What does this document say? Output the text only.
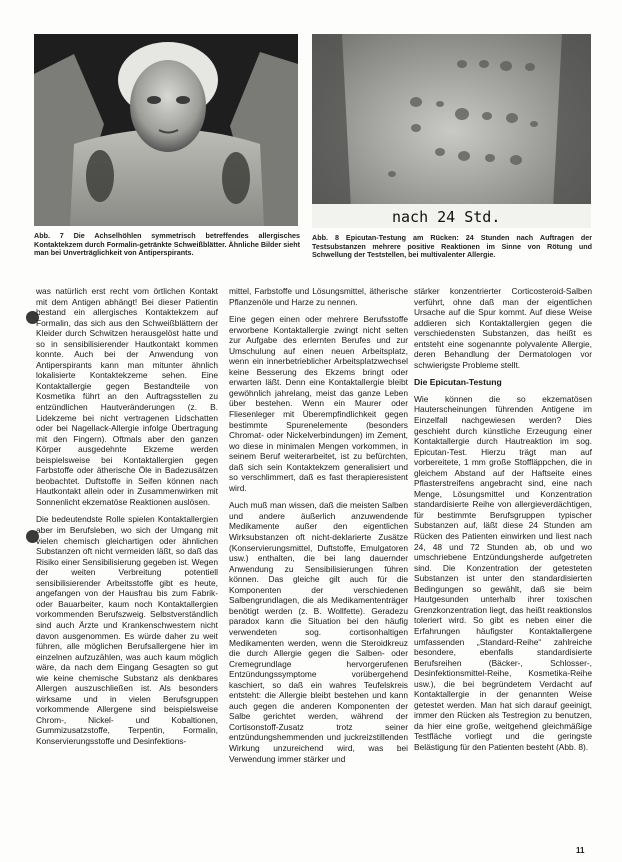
nach 24 Std.
Abb. 7 Die Achselhöhlen symmetrisch betreffendes allergisches Kontaktekzem durch Formalin-getränkte Schweißblätter. Ähnliche Bilder sieht man bei Unverträglichkeit von Antiperspirants.
Abb. 8 Epicutan-Testung am Rücken: 24 Stunden nach Auftragen der Testsubstanzen mehrere positive Reaktionen im Sinne von Rötung und Schwellung der Teststellen, bei multivalenter Allergie.

was natürlich erst recht vom örtlichen Kontakt mit dem Antigen abhängt! Bei dieser Patientin bestand ein allergisches Kontaktekzem auf Formalin, das sich aus den Schweißblättern der Kleider durch Schwitzen herausgelöst hatte und so in sensibilisierender Hautkontakt kommen konnte. Auch bei der Anwendung von Antiperspirants kann man mitunter ähnlich lokalisierte Kontaktekzeme sehen. Eine Kontaktallergie gegen Bestandteile von Kosmetika führt an den Auftragsstellen zu entzündlichen Hautveränderungen (z. B. Lidekzeme bei nicht vertragenen Lidschatten oder bei Nagellack-Allergie infolge Übertragung mit den Fingern). Oftmals aber den ganzen Körper ausgedehnte Ekzeme werden beispielsweise bei Kontaktallergien gegen Farbstoffe oder ätherische Öle in Badezusätzen beobachtet. Duftstoffe in Seifen können nach Hautkontakt allein oder in Zusammenwirken mit Sonnenlicht ekzematöse Reaktionen auslösen.

Die bedeutendste Rolle spielen Kontaktallergien aber im Berufsleben, wo sich der Umgang mit vielen chemisch gleichartigen oder ähnlichen Substanzen oft nicht vermeiden läßt, so daß das Risiko einer Sensibilisierung gegeben ist. Wegen der weiten Verbreitung potentiell sensibilisierender Arbeitsstoffe gibt es heute, angefangen von der Hausfrau bis zum Fabrik- oder Bauarbeiter, kaum noch Kontaktallergien vorkommenden Berufszweig. Selbstverständlich sind auch Ärzte und Krankenschwestern nicht davon ausgenommen. Es würde daher zu weit führen, alle möglichen Berufsallergene hier im einzelnen aufzuzählen, was auch kaum möglich wäre, da nach dem Eingang Gesagten so gut wie keine chemische Substanz als denkbares Allergen auszuschließen ist. Als besonders wirksame und in vielen Berufsgruppen vorkommende Allergene sind beispielsweise Chrom-, Nickel- und Kobaltionen, Gummizusatzstoffe, Terpentin, Formalin, Konservierungsstoffe und Desinfektions-

mittel, Farbstoffe und Lösungsmittel, ätherische Pflanzenöle und Harze zu nennen.

Eine gegen einen oder mehrere Berufsstoffe erworbene Kontaktallergie zwingt nicht selten zur Aufgabe des erlernten Berufes und zur Umschulung auf einen neuen Arbeitsplatz, wenn ein innerbetrieblicher Arbeitsplatzwechsel keine Besserung des Ekzems bringt oder erwarten läßt. Denn eine Kontaktallergie bleibt gewöhnlich jahrelang, meist das ganze Leben über bestehen. Wenn ein Maurer oder Fliesenleger mit Überempfindlichkeit gegen bestimmte Spurenelemente (besonders Chromat- oder Nickelverbindungen) im Zement, wo diese in minimalen Mengen vorkommen, in seinem Beruf weiterarbeitet, ist zu befürchten, daß sich sein Kontaktekzem generalisiert und so verschlimmert, daß es fast therapieresistent wird.

Auch muß man wissen, daß die meisten Salben und andere äußerlich anzuwendende Medikamente außer den eigentlichen Wirksubstanzen oft nicht-deklarierte Zusätze (Konservierungsmittel, Duftstoffe, Emulgatoren usw.) enthalten, die bei lang dauernder Anwendung zu Sensibilisierungen führen können. Das gleiche gilt auch für die Komponenten der verschiedenen Salbengrundlagen, die als Medikamententräger benötigt werden (z. B. Wollfette). Geradezu paradox kann die Situation bei den häufig verwendeten sog. cortisonhaltigen Medikamenten werden, wenn die Steroidkreuz die durch Allergie gegen die Salben- oder Cremegrundlage hervorgerufenen Entzündungssymptome vorübergehend kaschiert, so daß ein wahres Teufelskreis entsteht: die Allergie bleibt bestehen und kann auch gegen die anderen Komponenten der Salbe gerichtet werden, während der Cortisonstoff-Zusatz trotz seiner entzündungshemmenden und juckreizstillenden Wirkung unzureichend wird, was bei Verwendung immer stärker und

stärker konzentrierter Corticosteroid-Salben verführt, ohne daß man der eigentlichen Ursache auf die Spur kommt. Auf diese Weise addieren sich Kontaktallergien gegen die verschiedensten Substanzen, das heißt es entsteht eine sogenannte polyvalente Allergie, deren Behandlung der Dermatologen vor schwierigste Probleme stellt.

Die Epicutan-Testung

Wie können die so ekzematösen Hauterscheinungen führenden Antigene im Einzelfall nachgewiesen werden? Dies geschieht durch künstliche Erzeugung einer Kontaktallergie durch Hautreaktion im sog. Epicutan-Test. Hierzu trägt man auf vorbereitete, 1 mm große Stoffläppchen, die in gleichem Abstand auf der Haftseite eines Pflasterstreifens angebracht sind, eine nach Menge, Lösungsmittel und Konzentration standardisierte Reihe von allergieverdächtigen, für bestimmte Berufsgruppen typischer Substanzen auf, läßt diese 24 Stunden am Rücken des Patienten einwirken und liest nach 24, 48 und 72 Stunden ab, ob und wo umschriebene Entzündungsherde aufgetreten sind. Die Konzentration der getesteten Substanzen ist unter den standardisierten Bedingungen so gewählt, daß sie beim Hautgesunden unterhalb ihrer toxischen Grenzkonzentration liegt, das heißt reaktionslos toleriert wird. So gibt es neben einer die Erfahrungen häufigster Kontaktallergene umfassenden „Standard-Reihe“ zahlreiche besondere, ebenfalls standardisierte Berufsreihen (Bäcker-, Schlosser-, Desinfektionsmittel-Reihe, Kosmetika-Reihe usw.), die bei begründetem Verdacht auf Kontaktallergie in der genannten Weise getestet werden. Man hat sich darauf geeinigt, immer den Rücken als Testregion zu benutzen, da hier eine große, weitgehend gleichmäßige Testfläche vorliegt und die geringste Belästigung für den Patienten besteht (Abb. 8).

11
